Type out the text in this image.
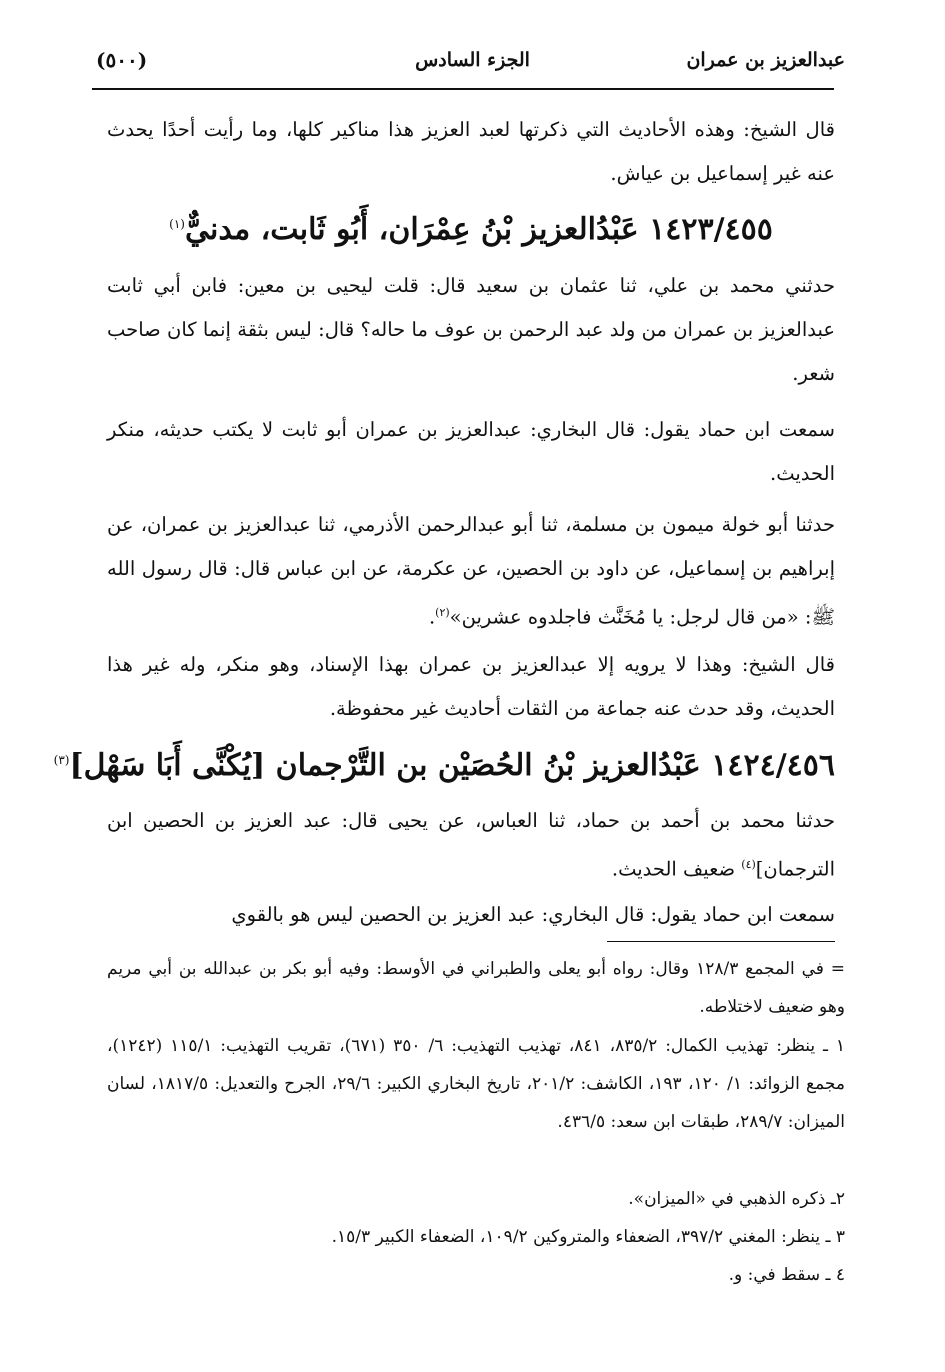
عبدالعزيز بن عمران
الجزء السادس
(٥٠٠)
قال الشيخ: وهذه الأحاديث التي ذكرتها لعبد العزيز هذا مناكير كلها، وما رأيت أحدًا يحدث عنه غير إسماعيل بن عياش.
١٤٢٣/٤٥٥ عَبْدُالعزيز بْنُ عِمْرَان، أَبُو ثَابت، مدنيٌّ$^{(١)}$
حدثني محمد بن علي، ثنا عثمان بن سعيد قال: قلت ليحيى بن معين: فابن أبي ثابت عبدالعزيز بن عمران من ولد عبد الرحمن بن عوف ما حاله؟ قال: ليس بثقة إنما كان صاحب شعر.
سمعت ابن حماد يقول: قال البخاري: عبدالعزيز بن عمران أبو ثابت لا يكتب حديثه، منكر الحديث.
حدثنا أبو خولة ميمون بن مسلمة، ثنا أبو عبدالرحمن الأذرمي، ثنا عبدالعزيز بن عمران، عن إبراهيم بن إسماعيل، عن داود بن الحصين، عن عكرمة، عن ابن عباس قال: قال رسول الله ﷺ: «من قال لرجل: يا مُخَنَّث فاجلدوه عشرين»$^{(٢)}$.
قال الشيخ: وهذا لا يرويه إلا عبدالعزيز بن عمران بهذا الإسناد، وهو منكر، وله غير هذا الحديث، وقد حدث عنه جماعة من الثقات أحاديث غير محفوظة.
١٤٢٤/٤٥٦ عَبْدُالعزيز بْنُ الحُصَيْن بن التَّرْجمان [يُكْنَّى أَبَا سَهْل]$^{(٣)}$
حدثنا محمد بن أحمد بن حماد، ثنا العباس، عن يحيى قال: عبد العزيز بن الحصين ابن الترجمان]$^{(٤)}$ ضعيف الحديث.
سمعت ابن حماد يقول: قال البخاري: عبد العزيز بن الحصين ليس هو بالقوي
= في المجمع ١٢٨/٣ وقال: رواه أبو يعلى والطبراني في الأوسط: وفيه أبو بكر بن عبدالله بن أبي مريم وهو ضعيف لاختلاطه.
١ ـ ينظر: تهذيب الكمال: ٨٣٥/٢، ٨٤١، تهذيب التهذيب: ٦/ ٣٥٠ (٦٧١)، تقريب التهذيب: ١١٥/١ (١٢٤٢)، مجمع الزوائد: ١/ ١٢٠، ١٩٣، الكاشف: ٢٠١/٢، تاريخ البخاري الكبير: ٢٩/٦، الجرح والتعديل: ١٨١٧/٥، لسان الميزان: ٢٨٩/٧، طبقات ابن سعد: ٤٣٦/٥.
٢ـ ذكره الذهبي في «الميزان».
٣ ـ ينظر: المغني ٣٩٧/٢، الضعفاء والمتروكين ١٠٩/٢، الضعفاء الكبير ١٥/٣.
٤ ـ سقط في: و.
